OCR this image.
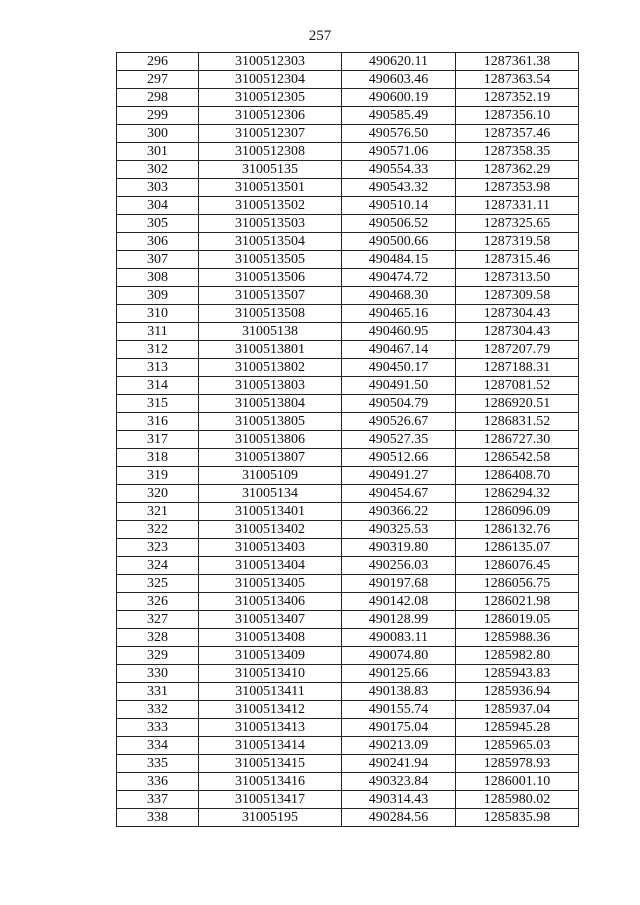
257
296	3100512303	490620.11	1287361.38
297	3100512304	490603.46	1287363.54
298	3100512305	490600.19	1287352.19
299	3100512306	490585.49	1287356.10
300	3100512307	490576.50	1287357.46
301	3100512308	490571.06	1287358.35
302	31005135	490554.33	1287362.29
303	3100513501	490543.32	1287353.98
304	3100513502	490510.14	1287331.11
305	3100513503	490506.52	1287325.65
306	3100513504	490500.66	1287319.58
307	3100513505	490484.15	1287315.46
308	3100513506	490474.72	1287313.50
309	3100513507	490468.30	1287309.58
310	3100513508	490465.16	1287304.43
311	31005138	490460.95	1287304.43
312	3100513801	490467.14	1287207.79
313	3100513802	490450.17	1287188.31
314	3100513803	490491.50	1287081.52
315	3100513804	490504.79	1286920.51
316	3100513805	490526.67	1286831.52
317	3100513806	490527.35	1286727.30
318	3100513807	490512.66	1286542.58
319	31005109	490491.27	1286408.70
320	31005134	490454.67	1286294.32
321	3100513401	490366.22	1286096.09
322	3100513402	490325.53	1286132.76
323	3100513403	490319.80	1286135.07
324	3100513404	490256.03	1286076.45
325	3100513405	490197.68	1286056.75
326	3100513406	490142.08	1286021.98
327	3100513407	490128.99	1286019.05
328	3100513408	490083.11	1285988.36
329	3100513409	490074.80	1285982.80
330	3100513410	490125.66	1285943.83
331	3100513411	490138.83	1285936.94
332	3100513412	490155.74	1285937.04
333	3100513413	490175.04	1285945.28
334	3100513414	490213.09	1285965.03
335	3100513415	490241.94	1285978.93
336	3100513416	490323.84	1286001.10
337	3100513417	490314.43	1285980.02
338	31005195	490284.56	1285835.98
